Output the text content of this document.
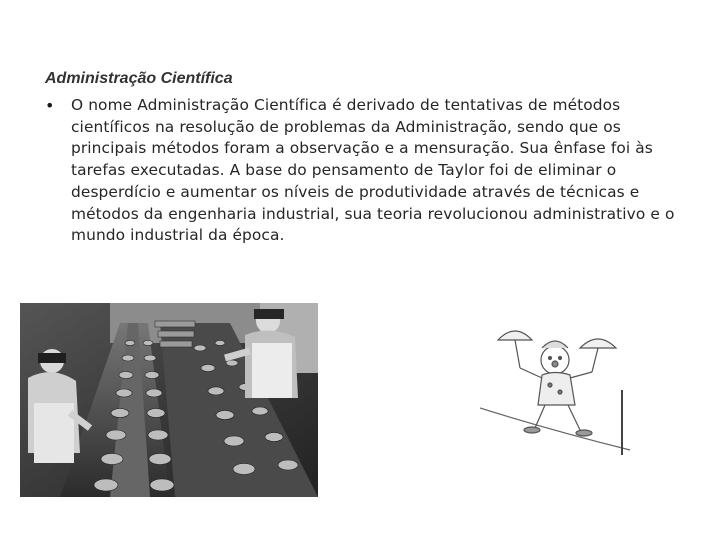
Administração Científica
•	O nome Administração Científica é derivado de tentativas de métodos científicos na resolução de problemas da Administração, sendo que os principais métodos foram a observação e a mensuração. Sua ênfase foi às tarefas executadas. A base do pensamento de Taylor foi de eliminar o desperdício e aumentar os níveis de produtividade através de técnicas e métodos da engenharia industrial, sua teoria revolucionou administrativo e o mundo industrial da época.
